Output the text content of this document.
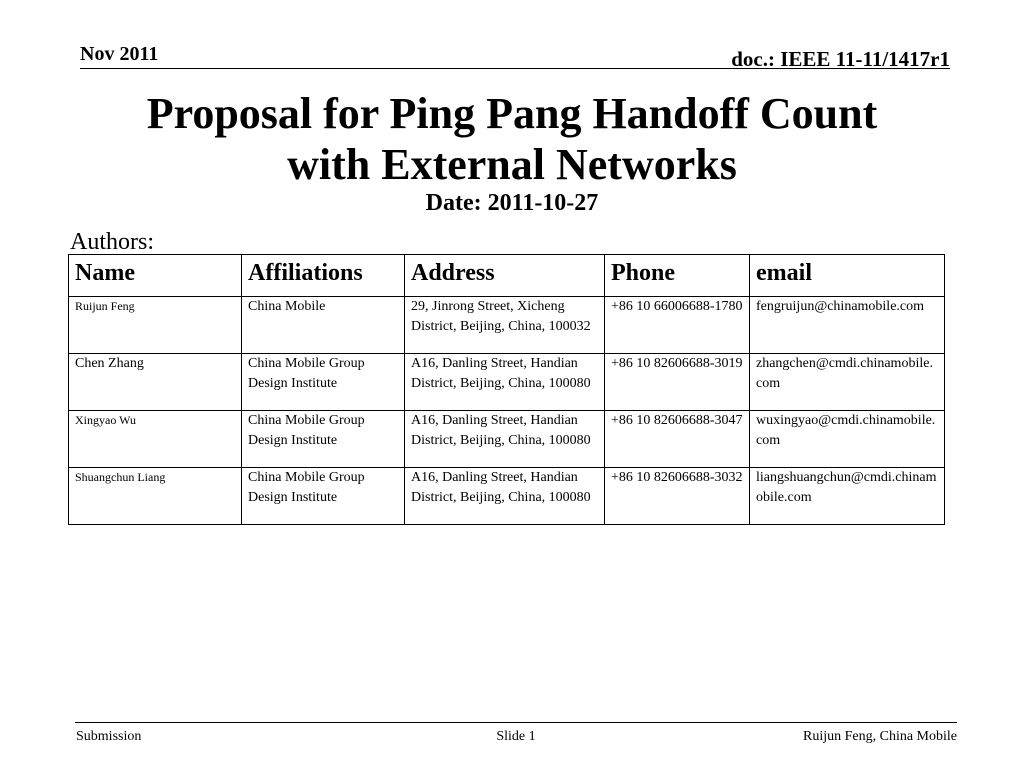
Nov 2011	doc.: IEEE 11-11/1417r1
Proposal for Ping Pang Handoff Count
with External Networks
Date: 2011-10-27
Authors:
Name	Affiliations	Address	Phone	email
Ruijun Feng	China Mobile	29, Jinrong Street, Xicheng District, Beijing, China, 100032	+86 10 66006688-1780	fengruijun@chinamobile.com
Chen Zhang	China Mobile Group Design Institute	A16, Danling Street, Handian District, Beijing, China, 100080	+86 10 82606688-3019	zhangchen@cmdi.chinamobile.com
Xingyao Wu	China Mobile Group Design Institute	A16, Danling Street, Handian District, Beijing, China, 100080	+86 10 82606688-3047	wuxingyao@cmdi.chinamobile.com
Shuangchun Liang	China Mobile Group Design Institute	A16, Danling Street, Handian District, Beijing, China, 100080	+86 10 82606688-3032	liangshuangchun@cmdi.chinamobile.com
Submission	Slide 1	Ruijun Feng, China Mobile
